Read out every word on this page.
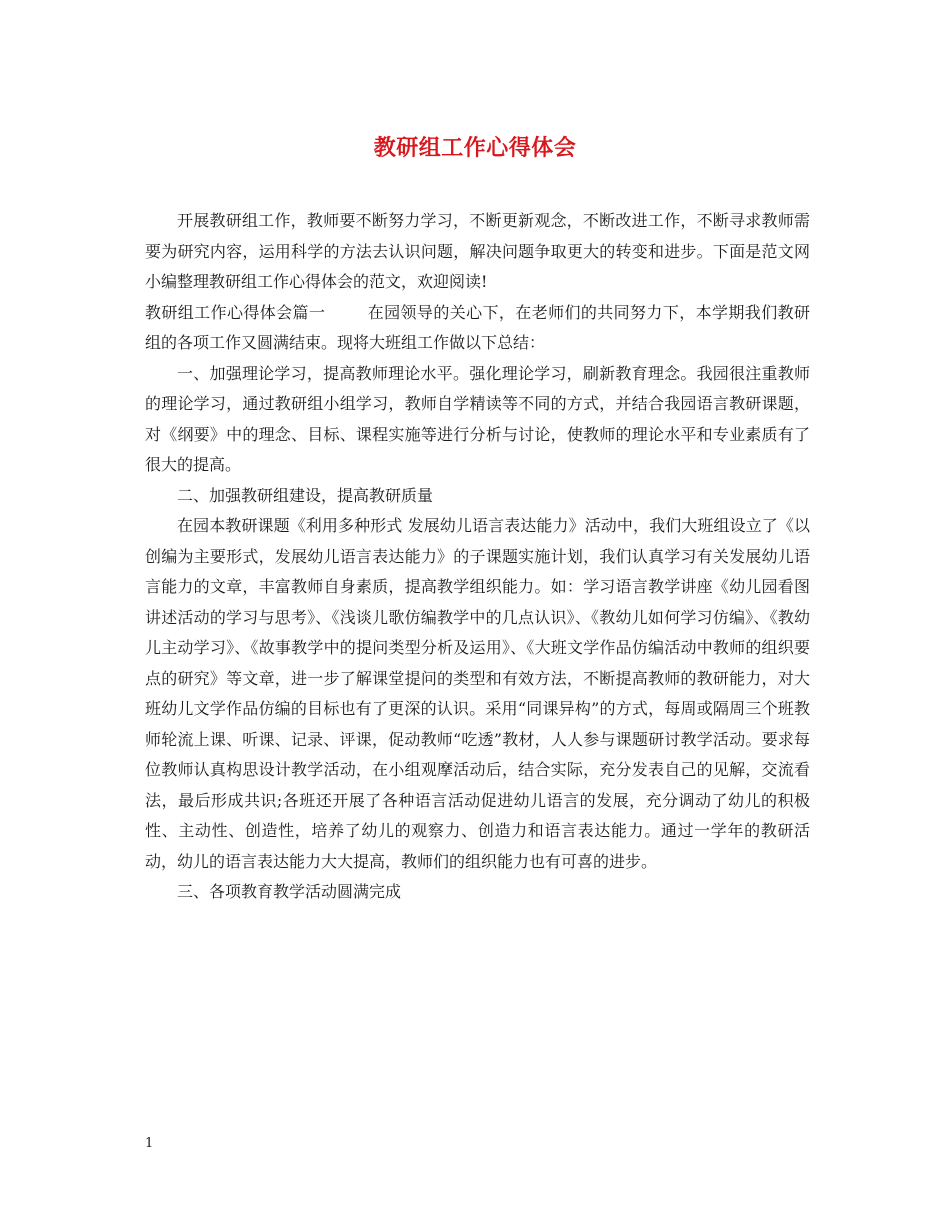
教研组工作心得体会

开展教研组工作，教师要不断努力学习，不断更新观念，不断改进工作，不断寻求教师需要为研究内容，运用科学的方法去认识问题，解决问题争取更大的转变和进步。下面是范文网小编整理教研组工作心得体会的范文，欢迎阅读!

教研组工作心得体会篇一	在园领导的关心下，在老师们的共同努力下，本学期我们教研组的各项工作又圆满结束。现将大班组工作做以下总结：

一、加强理论学习，提高教师理论水平。强化理论学习，刷新教育理念。我园很注重教师的理论学习，通过教研组小组学习，教师自学精读等不同的方式，并结合我园语言教研课题，对《纲要》中的理念、目标、课程实施等进行分析与讨论，使教师的理论水平和专业素质有了很大的提高。

二、加强教研组建设，提高教研质量

在园本教研课题《利用多种形式 发展幼儿语言表达能力》活动中，我们大班组设立了《以创编为主要形式，发展幼儿语言表达能力》的子课题实施计划，我们认真学习有关发展幼儿语言能力的文章，丰富教师自身素质，提高教学组织能力。如：学习语言教学讲座《幼儿园看图讲述活动的学习与思考》、《浅谈儿歌仿编教学中的几点认识》、《教幼儿如何学习仿编》、《教幼儿主动学习》、《故事教学中的提问类型分析及运用》、《大班文学作品仿编活动中教师的组织要点的研究》等文章，进一步了解课堂提问的类型和有效方法，不断提高教师的教研能力，对大班幼儿文学作品仿编的目标也有了更深的认识。采用“同课异构”的方式，每周或隔周三个班教师轮流上课、听课、记录、评课，促动教师“吃透”教材，人人参与课题研讨教学活动。要求每位教师认真构思设计教学活动，在小组观摩活动后，结合实际，充分发表自己的见解，交流看法，最后形成共识;各班还开展了各种语言活动促进幼儿语言的发展，充分调动了幼儿的积极性、主动性、创造性，培养了幼儿的观察力、创造力和语言表达能力。通过一学年的教研活动，幼儿的语言表达能力大大提高，教师们的组织能力也有可喜的进步。

三、各项教育教学活动圆满完成

1
